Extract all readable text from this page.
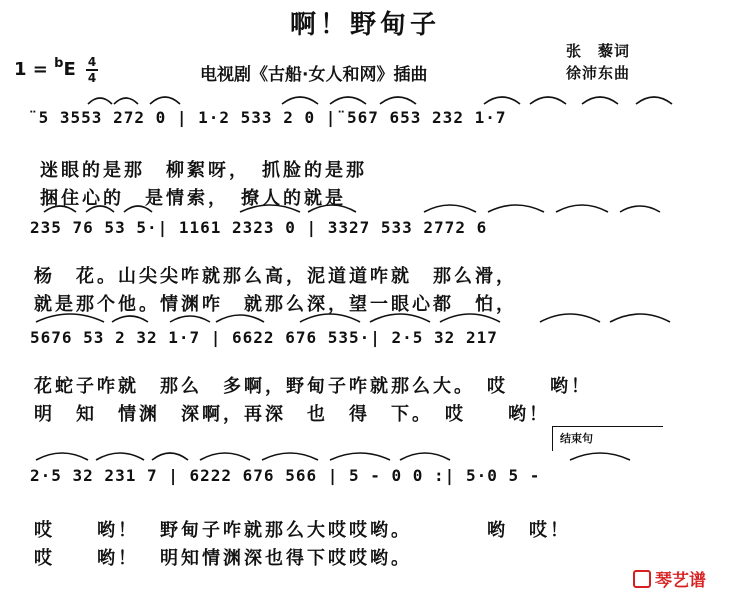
啊！野甸子
$1 = ^bE \frac{4}{4}$	电视剧《古船·女人和网》插曲
张　藜词
徐沛东曲
¨5 3553 272 0 | 1·2 533 2 0 |¨567 653 232 1·7
迷眼的是那　柳絮呀，　抓脸的是那
捆住心的　是情索，　撩人的就是
235 76 53 5·| 1161 2323 0 | 3327 533 2772 6
杨　花。山尖尖咋就那么高，泥道道咋就　那么滑，
就是那个他。情渊咋　就那么深，望一眼心都　怕，
5676 53 2 32 1·7 | 6622 676 535·| 2·5 32 217
花蛇子咋就　那么　多啊，野甸子咋就那么大。　哎　　哟！
明　知　情渊　深啊，再深　也　得　下。　哎　　哟！
结束句
2·5 32 231 7 | 6222 676 566 | 5 - 0 0 :| 5·0 5 -
哎　　哟！　野甸子咋就那么大哎哎哟。　　　　哟　哎！
哎　　哟！　明知情渊深也得下哎哎哟。
琴艺谱
